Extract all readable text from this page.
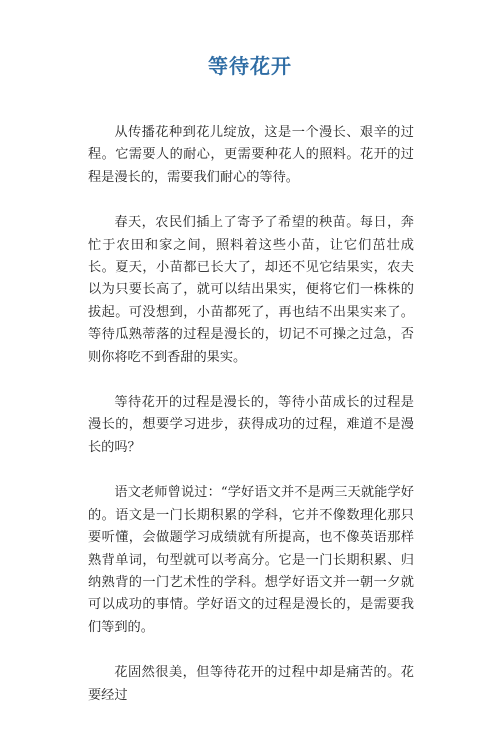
等待花开

从传播花种到花儿绽放，这是一个漫长、艰辛的过程。它需要人的耐心，更需要种花人的照料。花开的过程是漫长的，需要我们耐心的等待。

春天，农民们插上了寄予了希望的秧苗。每日，奔忙于农田和家之间，照料着这些小苗，让它们茁壮成长。夏天，小苗都已长大了，却还不见它结果实，农夫以为只要长高了，就可以结出果实，便将它们一株株的拔起。可没想到，小苗都死了，再也结不出果实来了。等待瓜熟蒂落的过程是漫长的，切记不可操之过急，否则你将吃不到香甜的果实。

等待花开的过程是漫长的，等待小苗成长的过程是漫长的，想要学习进步，获得成功的过程，难道不是漫长的吗？

语文老师曾说过：“学好语文并不是两三天就能学好的。语文是一门长期积累的学科，它并不像数理化那只要听懂，会做题学习成绩就有所提高，也不像英语那样熟背单词，句型就可以考高分。它是一门长期积累、归纳熟背的一门艺术性的学科。想学好语文并一朝一夕就可以成功的事情。学好语文的过程是漫长的，是需要我们等到的。

花固然很美，但等待花开的过程中却是痛苦的。花要经过
